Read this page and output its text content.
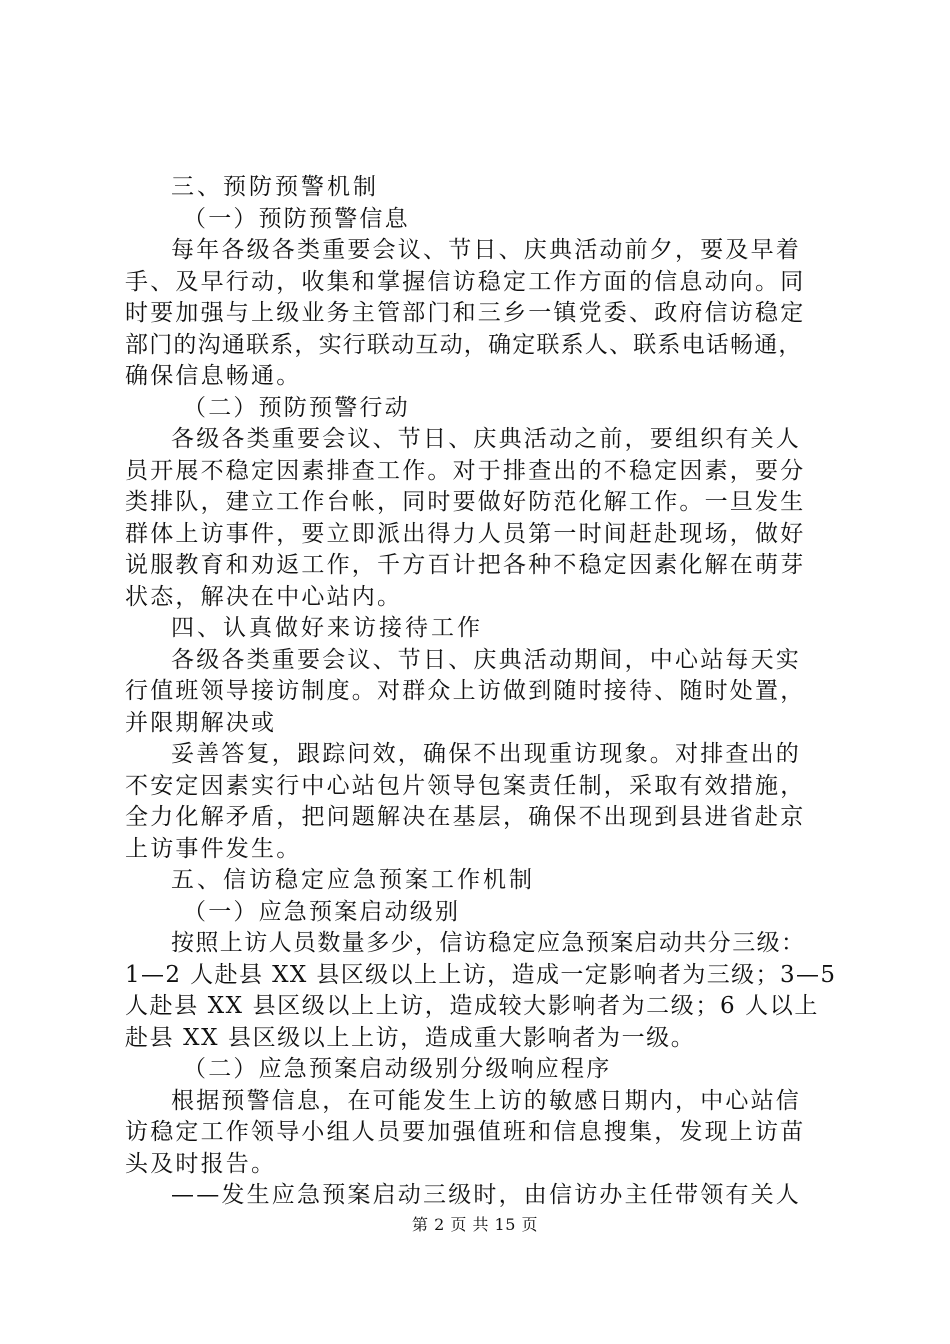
三、预防预警机制
（一）预防预警信息
每年各级各类重要会议、节日、庆典活动前夕，要及早着
手、及早行动，收集和掌握信访稳定工作方面的信息动向。同
时要加强与上级业务主管部门和三乡一镇党委、政府信访稳定
部门的沟通联系，实行联动互动，确定联系人、联系电话畅通，
确保信息畅通。
（二）预防预警行动
各级各类重要会议、节日、庆典活动之前，要组织有关人
员开展不稳定因素排查工作。对于排查出的不稳定因素，要分
类排队，建立工作台帐，同时要做好防范化解工作。一旦发生
群体上访事件，要立即派出得力人员第一时间赶赴现场，做好
说服教育和劝返工作，千方百计把各种不稳定因素化解在萌芽
状态，解决在中心站内。
四、认真做好来访接待工作
各级各类重要会议、节日、庆典活动期间，中心站每天实
行值班领导接访制度。对群众上访做到随时接待、随时处置，
并限期解决或
妥善答复，跟踪问效，确保不出现重访现象。对排查出的
不安定因素实行中心站包片领导包案责任制，采取有效措施，
全力化解矛盾，把问题解决在基层，确保不出现到县进省赴京
上访事件发生。
五、信访稳定应急预案工作机制
（一）应急预案启动级别
按照上访人员数量多少，信访稳定应急预案启动共分三级：
1—2 人赴县 XX 县区级以上上访，造成一定影响者为三级；3—5
人赴县 XX 县区级以上上访，造成较大影响者为二级；6 人以上
赴县 XX 县区级以上上访，造成重大影响者为一级。
（二）应急预案启动级别分级响应程序
根据预警信息，在可能发生上访的敏感日期内，中心站信
访稳定工作领导小组人员要加强值班和信息搜集，发现上访苗
头及时报告。
——发生应急预案启动三级时，由信访办主任带领有关人
第 2 页 共 15 页
